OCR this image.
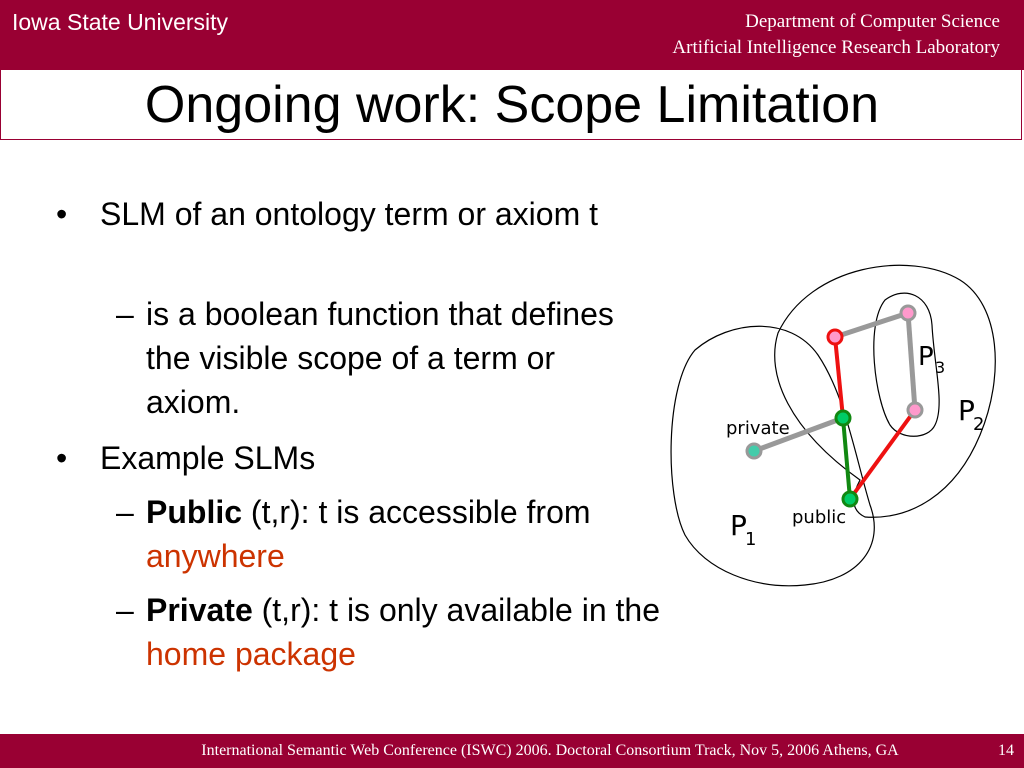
Iowa State University	Department of Computer Science
Artificial Intelligence Research Laboratory
Ongoing work: Scope Limitation
• SLM of an ontology term or axiom t
– is a boolean function that defines the visible scope of a term or axiom.
• Example SLMs
– Public (t,r): t is accessible from anywhere
– Private (t,r): t is only available in the home package
private
public
P
1
P
2
P 3
International Semantic Web Conference (ISWC) 2006. Doctoral Consortium Track, Nov 5, 2006 Athens, GA	14
